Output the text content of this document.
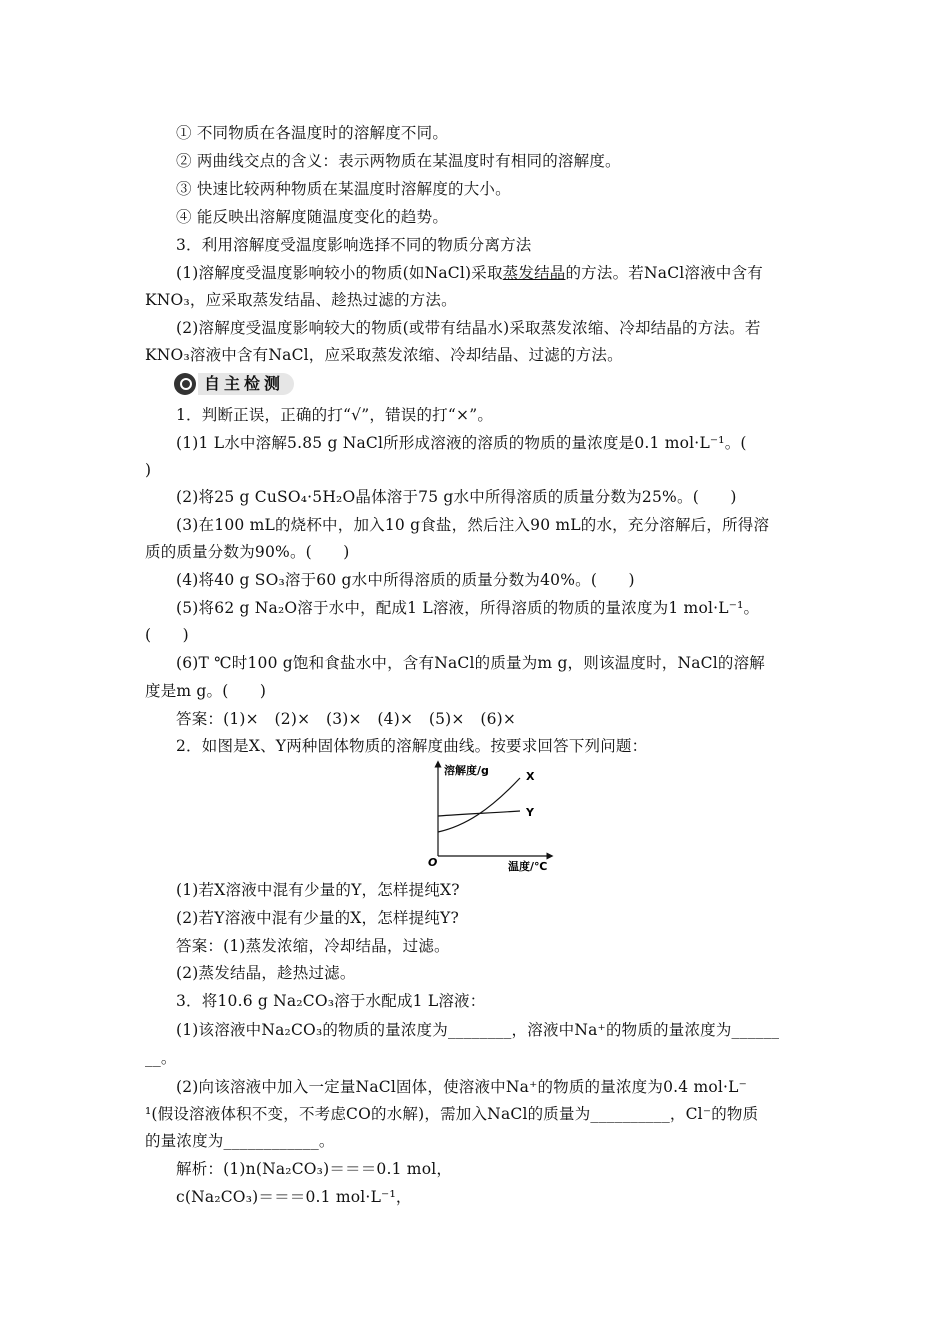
① 不同物质在各温度时的溶解度不同。
② 两曲线交点的含义：表示两物质在某温度时有相同的溶解度。
③ 快速比较两种物质在某温度时溶解度的大小。
④ 能反映出溶解度随温度变化的趋势。
3．利用溶解度受温度影响选择不同的物质分离方法
(1)溶解度受温度影响较小的物质(如NaCl)采取蒸发结晶的方法。若NaCl溶液中含有
KNO₃，应采取蒸发结晶、趁热过滤的方法。
(2)溶解度受温度影响较大的物质(或带有结晶水)采取蒸发浓缩、冷却结晶的方法。若
KNO₃溶液中含有NaCl，应采取蒸发浓缩、冷却结晶、过滤的方法。
自主检测
1．判断正误，正确的打“√”，错误的打“×”。
(1)1 L水中溶解5.85 g NaCl所形成溶液的溶质的物质的量浓度是0.1 mol·L⁻¹。(
)
(2)将25 g CuSO₄·5H₂O晶体溶于75 g水中所得溶质的质量分数为25%。(　　)
(3)在100 mL的烧杯中，加入10 g食盐，然后注入90 mL的水，充分溶解后，所得溶
质的质量分数为90%。(　　)
(4)将40 g SO₃溶于60 g水中所得溶质的质量分数为40%。(　　)
(5)将62 g Na₂O溶于水中，配成1 L溶液，所得溶质的物质的量浓度为1 mol·L⁻¹。
(　　)
(6)T ℃时100 g饱和食盐水中，含有NaCl的质量为m g，则该温度时，NaCl的溶解
度是m g。(　　)
答案：(1)×　(2)×　(3)×　(4)×　(5)×　(6)×
2．如图是X、Y两种固体物质的溶解度曲线。按要求回答下列问题：
溶解度/g
温度/℃
O
X
Y
(1)若X溶液中混有少量的Y，怎样提纯X?
(2)若Y溶液中混有少量的X，怎样提纯Y?
答案：(1)蒸发浓缩，冷却结晶，过滤。
(2)蒸发结晶，趁热过滤。
3．将10.6 g Na₂CO₃溶于水配成1 L溶液：
(1)该溶液中Na₂CO₃的物质的量浓度为________，溶液中Na⁺的物质的量浓度为______
__。
(2)向该溶液中加入一定量NaCl固体，使溶液中Na⁺的物质的量浓度为0.4 mol·L⁻
¹(假设溶液体积不变，不考虑CO的水解)，需加入NaCl的质量为__________，Cl⁻的物质
的量浓度为____________。
解析：(1)n(Na₂CO₃)＝＝＝0.1 mol，
c(Na₂CO₃)＝＝＝0.1 mol·L⁻¹，
